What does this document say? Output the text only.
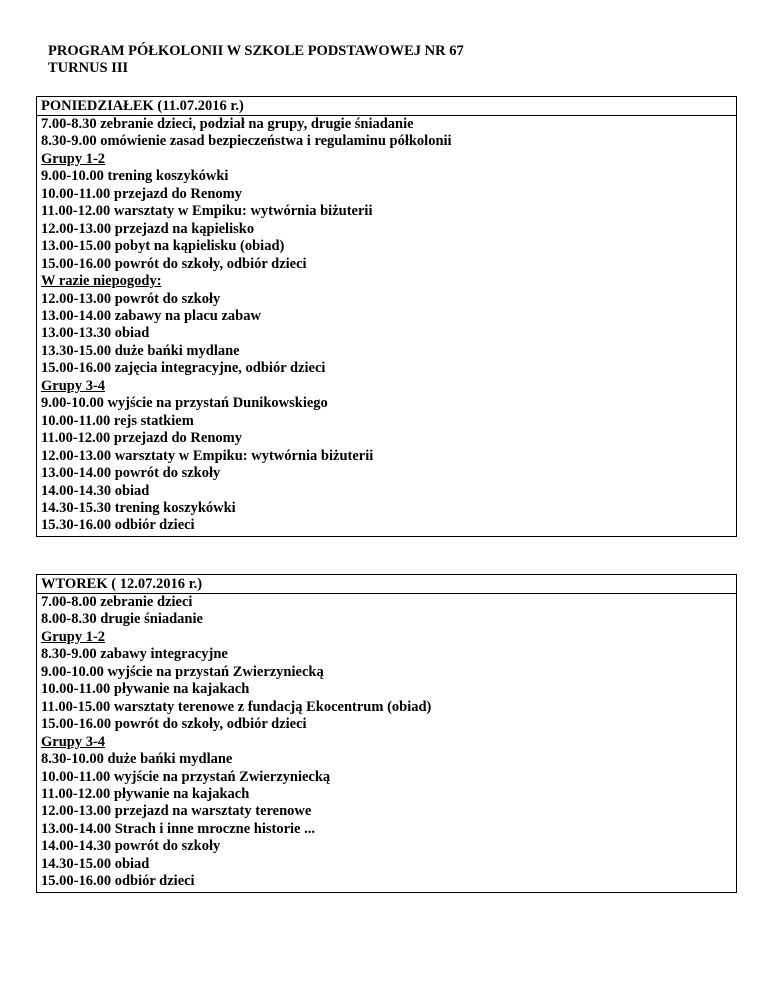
PROGRAM PÓŁKOLONII W SZKOLE PODSTAWOWEJ NR 67
TURNUS III
PONIEDZIAŁEK (11.07.2016 r.)
7.00-8.30 zebranie dzieci, podział na grupy, drugie śniadanie
8.30-9.00 omówienie zasad bezpieczeństwa i regulaminu półkolonii
Grupy 1-2
9.00-10.00 trening koszykówki
10.00-11.00 przejazd do Renomy
11.00-12.00 warsztaty w Empiku: wytwórnia biżuterii
12.00-13.00 przejazd na kąpielisko
13.00-15.00 pobyt na kąpielisku (obiad)
15.00-16.00 powrót do szkoły, odbiór dzieci
W razie niepogody:
12.00-13.00 powrót do szkoły
13.00-14.00 zabawy na placu zabaw
13.00-13.30 obiad
13.30-15.00 duże bańki mydlane
15.00-16.00 zajęcia integracyjne, odbiór dzieci
Grupy 3-4
9.00-10.00 wyjście na przystań Dunikowskiego
10.00-11.00 rejs statkiem
11.00-12.00 przejazd do Renomy
12.00-13.00 warsztaty w Empiku: wytwórnia biżuterii
13.00-14.00 powrót do szkoły
14.00-14.30 obiad
14.30-15.30 trening koszykówki
15.30-16.00 odbiór dzieci
WTOREK ( 12.07.2016 r.)
7.00-8.00 zebranie dzieci
8.00-8.30 drugie śniadanie
Grupy 1-2
8.30-9.00 zabawy integracyjne
9.00-10.00 wyjście na przystań Zwierzyniecką
10.00-11.00 pływanie na kajakach
11.00-15.00 warsztaty terenowe z fundacją Ekocentrum (obiad)
15.00-16.00 powrót do szkoły, odbiór dzieci
Grupy 3-4
8.30-10.00 duże bańki mydlane
10.00-11.00 wyjście na przystań Zwierzyniecką
11.00-12.00 pływanie na kajakach
12.00-13.00 przejazd na warsztaty terenowe
13.00-14.00 Strach i inne mroczne historie ...
14.00-14.30 powrót do szkoły
14.30-15.00 obiad
15.00-16.00 odbiór dzieci
